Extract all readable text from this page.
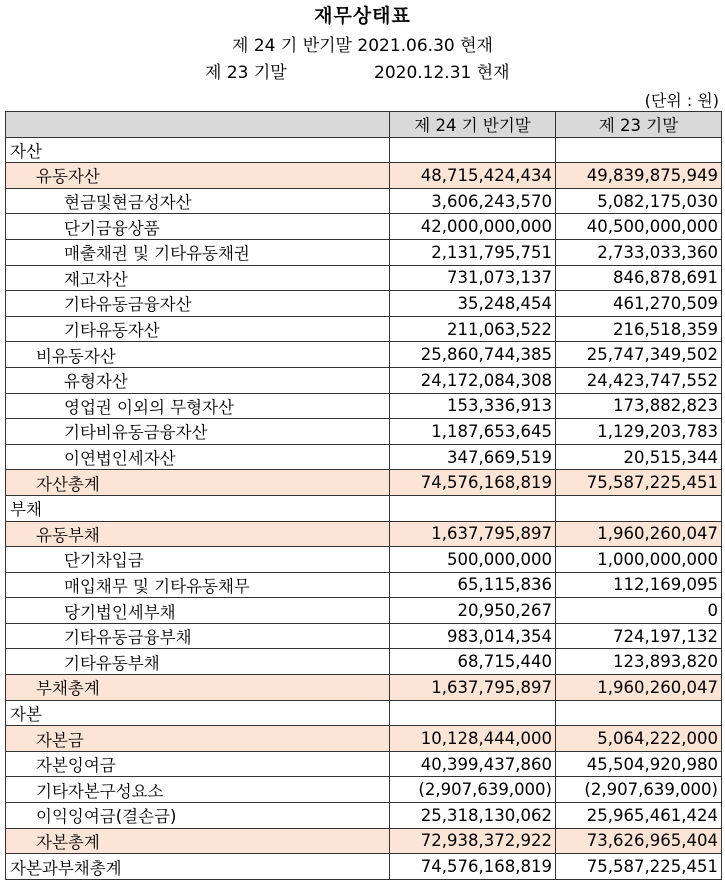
재무상태표
제 24 기 반기말 2021.06.30 현재
제 23 기말	2020.12.31 현재
(단위 : 원)
	제 24 기 반기말	제 23 기말
자산		
유동자산	48,715,424,434	49,839,875,949
현금및현금성자산	3,606,243,570	5,082,175,030
단기금융상품	42,000,000,000	40,500,000,000
매출채권 및 기타유동채권	2,131,795,751	2,733,033,360
재고자산	731,073,137	846,878,691
기타유동금융자산	35,248,454	461,270,509
기타유동자산	211,063,522	216,518,359
비유동자산	25,860,744,385	25,747,349,502
유형자산	24,172,084,308	24,423,747,552
영업권 이외의 무형자산	153,336,913	173,882,823
기타비유동금융자산	1,187,653,645	1,129,203,783
이연법인세자산	347,669,519	20,515,344
자산총계	74,576,168,819	75,587,225,451
부채		
유동부채	1,637,795,897	1,960,260,047
단기차입금	500,000,000	1,000,000,000
매입채무 및 기타유동채무	65,115,836	112,169,095
당기법인세부채	20,950,267	0
기타유동금융부채	983,014,354	724,197,132
기타유동부채	68,715,440	123,893,820
부채총계	1,637,795,897	1,960,260,047
자본		
자본금	10,128,444,000	5,064,222,000
자본잉여금	40,399,437,860	45,504,920,980
기타자본구성요소	(2,907,639,000)	(2,907,639,000)
이익잉여금(결손금)	25,318,130,062	25,965,461,424
자본총계	72,938,372,922	73,626,965,404
자본과부채총계	74,576,168,819	75,587,225,451
